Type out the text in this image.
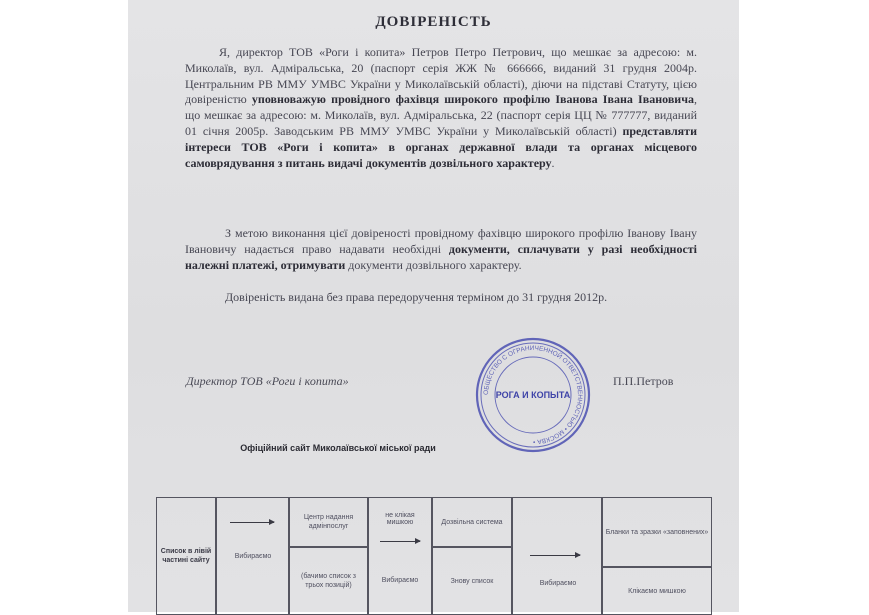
ДОВІРЕНІСТЬ
Я, директор ТОВ «Роги і копита» Петров Петро Петрович, що мешкає за адресою: м. Миколаїв, вул. Адміральська, 20 (паспорт серія ЖЖ № 666666, виданий 31 грудня 2004р. Центральним РВ ММУ УМВС України у Миколаївській області), діючи на підставі Статуту, цією довіреністю уповноважую провідного фахівця широкого профілю Іванова Івана Івановича, що мешкає за адресою: м. Миколаїв, вул. Адміральська, 22 (паспорт серія ЦЦ № 777777, виданий 01 січня 2005р. Заводським РВ ММУ УМВС України у Миколаївській області) представляти інтереси ТОВ «Роги і копита» в органах державної влади та органах місцевого самоврядування з питань видачі документів дозвільного характеру.
З метою виконання цієї довіреності провідному фахівцю широкого профілю Іванову Івану Івановичу надається право надавати необхідні документи, сплачувати у разі необхідності належні платежі, отримувати документи дозвільного характеру.
Довіреність видана без права передоручення терміном до 31 грудня 2012р.
Директор ТОВ «Роги і копита»	П.П.Петров
ОБЩЕСТВО С ОГРАНИЧЕННОЙ ОТВЕТСТВЕННОСТЬЮ • МОСКВА •
РОГА И КОПЫТА
Офіційний сайт Миколаївської міської ради
Список в лівій частині сайту
Вибираємо
Центр надання адмінпослуг
(бачимо список з трьох позицій)
не клікая мишкою
Вибираємо
Дозвільна система
Знову список	Вибираємо
Бланки та зразки «заповнених»
Клікаємо мишкою
